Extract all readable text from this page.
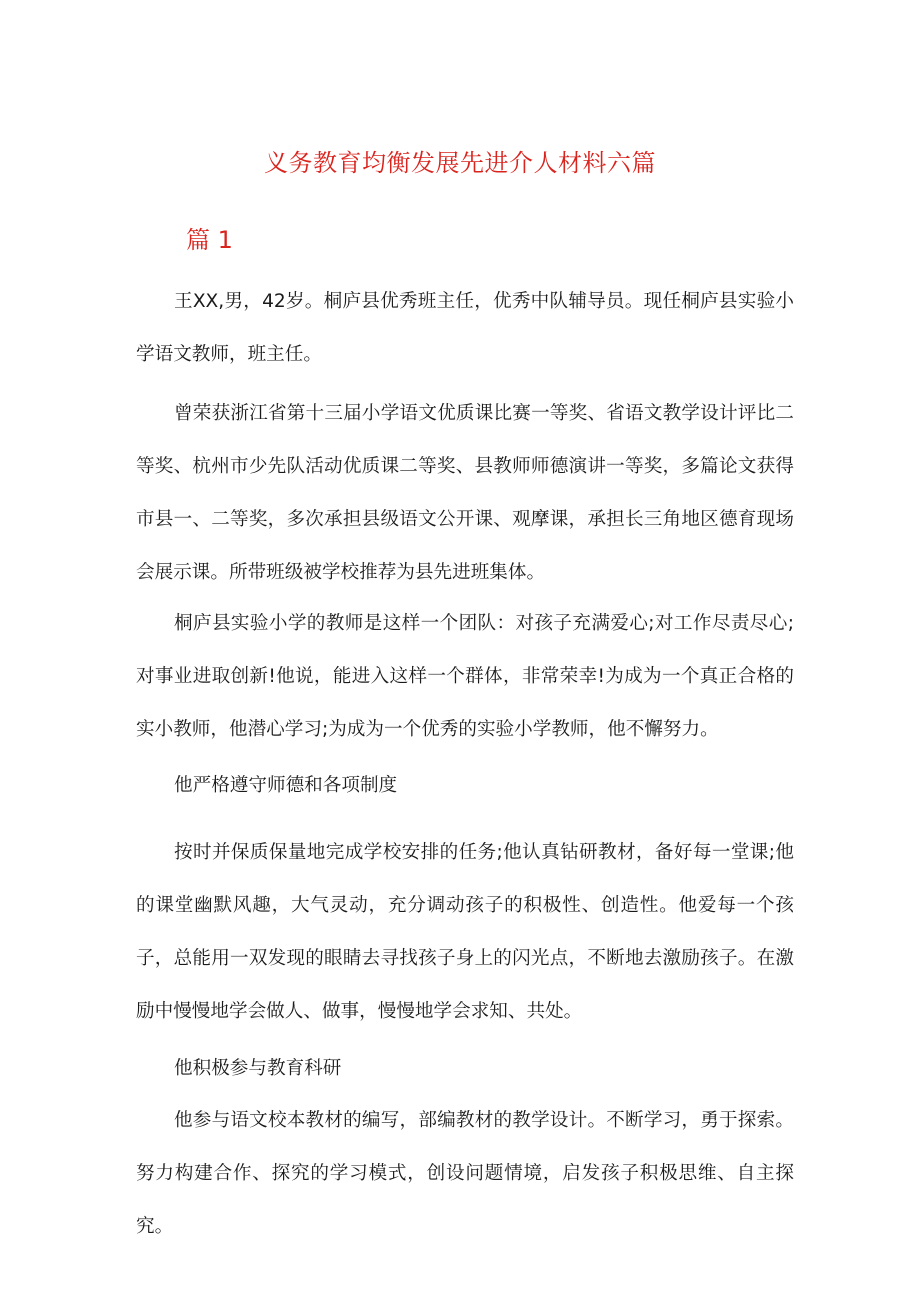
义务教育均衡发展先进介人材料六篇
篇 1

王XX,男，42岁。桐庐县优秀班主任，优秀中队辅导员。现任桐庐县实验小学语文教师，班主任。

曾荣获浙江省第十三届小学语文优质课比赛一等奖、省语文教学设计评比二等奖、杭州市少先队活动优质课二等奖、县教师师德演讲一等奖，多篇论文获得市县一、二等奖，多次承担县级语文公开课、观摩课，承担长三角地区德育现场会展示课。所带班级被学校推荐为县先进班集体。

桐庐县实验小学的教师是这样一个团队：对孩子充满爱心;对工作尽责尽心;对事业进取创新!他说，能进入这样一个群体，非常荣幸!为成为一个真正合格的实小教师，他潜心学习;为成为一个优秀的实验小学教师，他不懈努力。

他严格遵守师德和各项制度

按时并保质保量地完成学校安排的任务;他认真钻研教材，备好每一堂课;他的课堂幽默风趣，大气灵动，充分调动孩子的积极性、创造性。他爱每一个孩子，总能用一双发现的眼睛去寻找孩子身上的闪光点，不断地去激励孩子。在激励中慢慢地学会做人、做事，慢慢地学会求知、共处。

他积极参与教育科研

他参与语文校本教材的编写，部编教材的教学设计。不断学习，勇于探索。努力构建合作、探究的学习模式，创设问题情境，启发孩子积极思维、自主探究。
